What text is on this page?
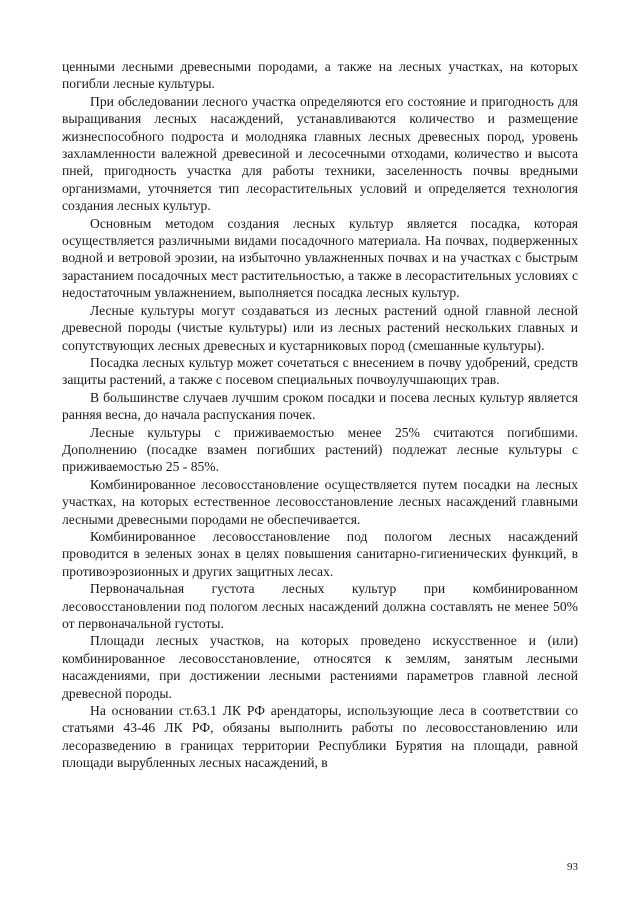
ценными лесными древесными породами, а также на лесных участках, на которых погибли лесные культуры.

При обследовании лесного участка определяются его состояние и пригодность для выращивания лесных насаждений, устанавливаются количество и размещение жизнеспособного подроста и молодняка главных лесных древесных пород, уровень захламленности валежной древесиной и лесосечными отходами, количество и высота пней, пригодность участка для работы техники, заселенность почвы вредными организмами, уточняется тип лесорастительных условий и определяется технология создания лесных культур.

Основным методом создания лесных культур является посадка, которая осуществляется различными видами посадочного материала. На почвах, подверженных водной и ветровой эрозии, на избыточно увлажненных почвах и на участках с быстрым зарастанием посадочных мест растительностью, а также в лесорастительных условиях с недостаточным увлажнением, выполняется посадка лесных культур.

Лесные культуры могут создаваться из лесных растений одной главной лесной древесной породы (чистые культуры) или из лесных растений нескольких главных и сопутствующих лесных древесных и кустарниковых пород (смешанные культуры).

Посадка лесных культур может сочетаться с внесением в почву удобрений, средств защиты растений, а также с посевом специальных почвоулучшающих трав.

В большинстве случаев лучшим сроком посадки и посева лесных культур является ранняя весна, до начала распускания почек.

Лесные культуры с приживаемостью менее 25% считаются погибшими. Дополнению (посадке взамен погибших растений) подлежат лесные культуры с приживаемостью 25 - 85%.

Комбинированное лесовосстановление осуществляется путем посадки на лесных участках, на которых естественное лесовосстановление лесных насаждений главными лесными древесными породами не обеспечивается.

Комбинированное лесовосстановление под пологом лесных насаждений проводится в зеленых зонах в целях повышения санитарно-гигиенических функций, в противоэрозионных и других защитных лесах.

Первоначальная густота лесных культур при комбинированном лесовосстановлении под пологом лесных насаждений должна составлять не менее 50% от первоначальной густоты.

Площади лесных участков, на которых проведено искусственное и (или) комбинированное лесовосстановление, относятся к землям, занятым лесными насаждениями, при достижении лесными растениями параметров главной лесной древесной породы.

На основании ст.63.1 ЛК РФ арендаторы, использующие леса в соответствии со статьями 43-46 ЛК РФ, обязаны выполнить работы по лесовосстановлению или лесоразведению в границах территории Республики Бурятия на площади, равной площади вырубленных лесных насаждений, в

93
